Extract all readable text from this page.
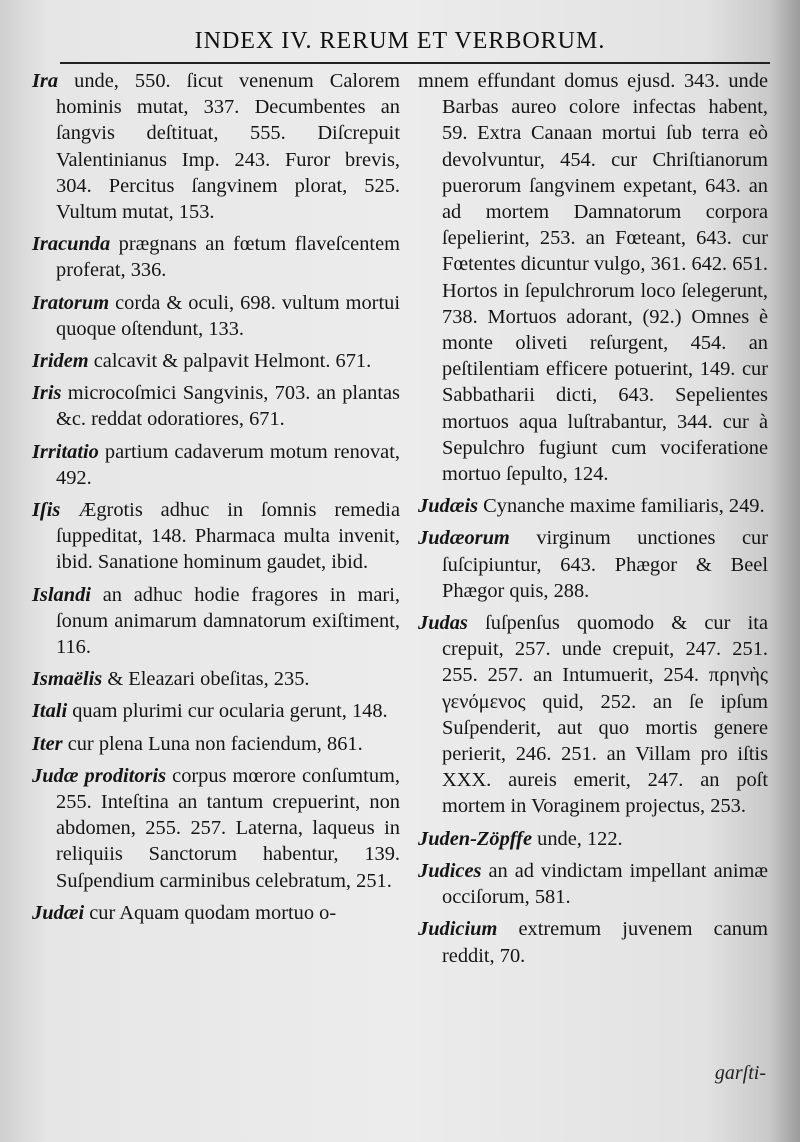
INDEX IV. RERUM ET VERBORUM.

Ira unde, 550. ſicut venenum Calorem hominis mutat, 337. Decumbentes an ſangvis deſtituat, 555. Diſcrepuit Valentinianus Imp. 243. Furor brevis, 304. Percitus ſangvinem plorat, 525. Vultum mutat, 153.

Iracunda prægnans an fœtum flaveſcentem proferat, 336.

Iratorum corda & oculi, 698. vultum mortui quoque oſtendunt, 133.

Iridem calcavit & palpavit Helmont. 671.

Iris microcoſmici Sangvinis, 703. an plantas &c. reddat odoratiores, 671.

Irritatio partium cadaverum motum renovat, 492.

Iſis Ægrotis adhuc in ſomnis remedia ſuppeditat, 148. Pharmaca multa invenit, ibid. Sanatione hominum gaudet, ibid.

Islandi an adhuc hodie fragores in mari, ſonum animarum damnatorum exiſtiment, 116.

Ismaëlis & Eleazari obeſitas, 235.

Itali quam plurimi cur ocularia gerunt, 148.

Iter cur plena Luna non faciendum, 861.

Judæ proditoris corpus mœrore conſumtum, 255. Inteſtina an tantum crepuerint, non abdomen, 255. 257. Laterna, laqueus in reliquiis Sanctorum habentur, 139. Suſpendium carminibus celebratum, 251.

Judæi cur Aquam quodam mortuo o-

mnem effundant domus ejusd. 343. unde Barbas aureo colore infectas habent, 59. Extra Canaan mortui ſub terra eò devolvuntur, 454. cur Chriſtianorum puerorum ſangvinem expetant, 643. an ad mortem Damnatorum corpora ſepelierint, 253. an Fœteant, 643. cur Fœtentes dicuntur vulgo, 361. 642. 651. Hortos in ſepulchrorum loco ſelegerunt, 738. Mortuos adorant, (92.) Omnes è monte oliveti reſurgent, 454. an peſtilentiam efficere potuerint, 149. cur Sabbatharii dicti, 643. Sepelientes mortuos aqua luſtrabantur, 344. cur à Sepulchro fugiunt cum vociferatione mortuo ſepulto, 124.

Judæis Cynanche maxime familiaris, 249.

Judæorum virginum unctiones cur ſuſcipiuntur, 643. Phægor & Beel Phægor quis, 288.

Judas ſuſpenſus quomodo & cur ita crepuit, 257. unde crepuit, 247. 251. 255. 257. an Intumuerit, 254. πρηνὴς γενόμενος quid, 252. an ſe ipſum Suſpenderit, aut quo mortis genere perierit, 246. 251. an Villam pro iſtis XXX. aureis emerit, 247. an poſt mortem in Voraginem projectus, 253.

Juden-Zöpffe unde, 122.

Judices an ad vindictam impellant animæ occiſorum, 581.

Judicium extremum juvenem canum reddit, 70.

garſti-
